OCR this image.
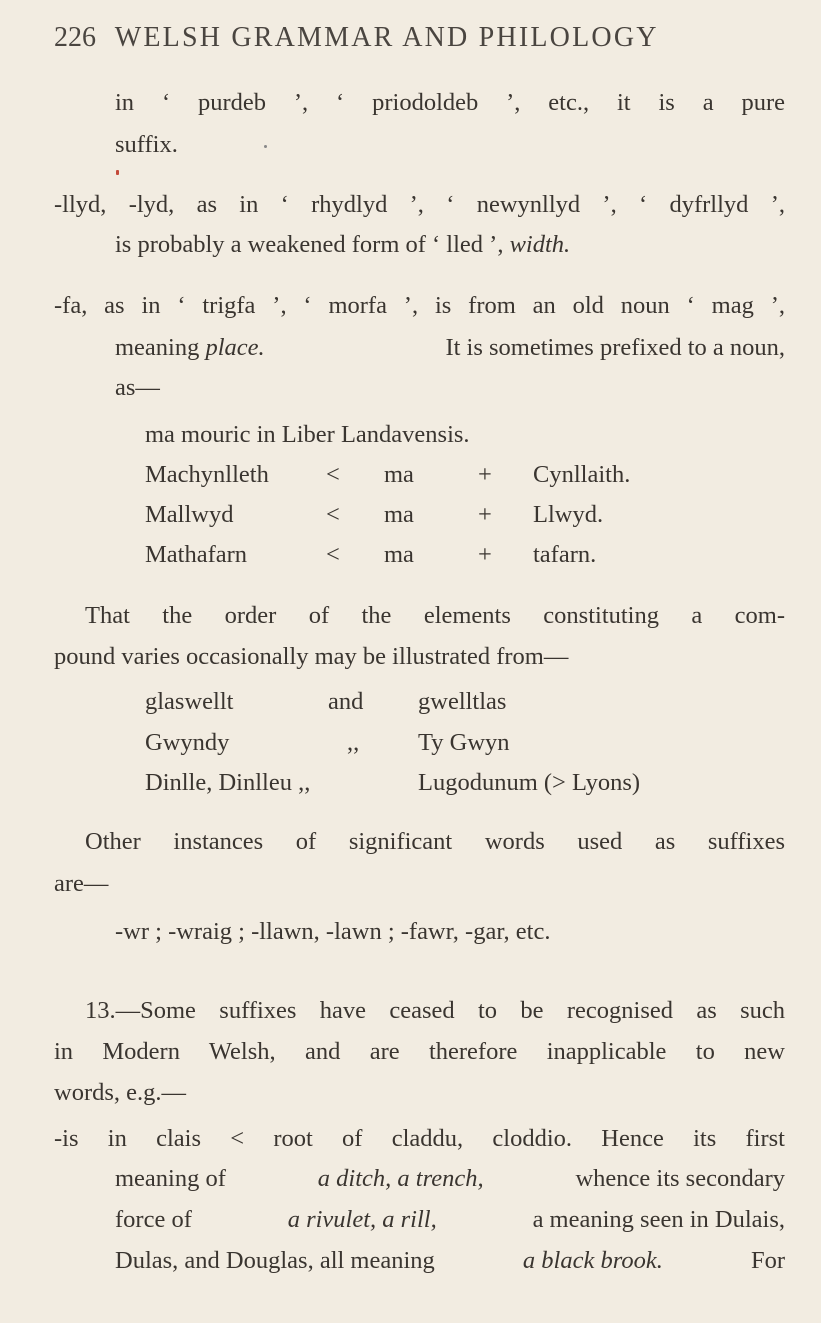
226 WELSH GRAMMAR AND PHILOLOGY
in ‘ purdeb ’, ‘ priodoldeb ’, etc., it is a pure
suffix.
-llyd, -lyd, as in ‘ rhydlyd ’, ‘ newynllyd ’, ‘ dyfrllyd ’,
is probably a weakened form of ‘ lled ’, width.
-fa, as in ‘ trigfa ’, ‘ morfa ’, is from an old noun ‘ mag ’,
meaning place.	It is sometimes prefixed to a noun,
as—
ma mouric in Liber Landavensis.
Machynlleth < ma	+ Cynllaith.
Mallwyd	< ma	+ Llwyd.
Mathafarn	< ma	+ tafarn.
That the order of the elements constituting a com-
pound varies occasionally may be illustrated from—
glaswellt	and gwelltlas
Gwyndy	,, Ty Gwyn
Dinlle, Dinlleu ,,	Lugodunum (> Lyons)
Other instances of significant words used as suffixes
are—
-wr ; -wraig ; -llawn, -lawn ; -fawr, -gar, etc.
13.—Some suffixes have ceased to be recognised as such
in Modern Welsh, and are therefore inapplicable to new
words, e.g.—
-is in clais < root of claddu, cloddio. Hence its first
meaning of	a ditch, a trench,	whence its secondary
force of	a rivulet, a rill,	a meaning seen in Dulais,
Dulas, and Douglas, all meaning	a black brook.	For
